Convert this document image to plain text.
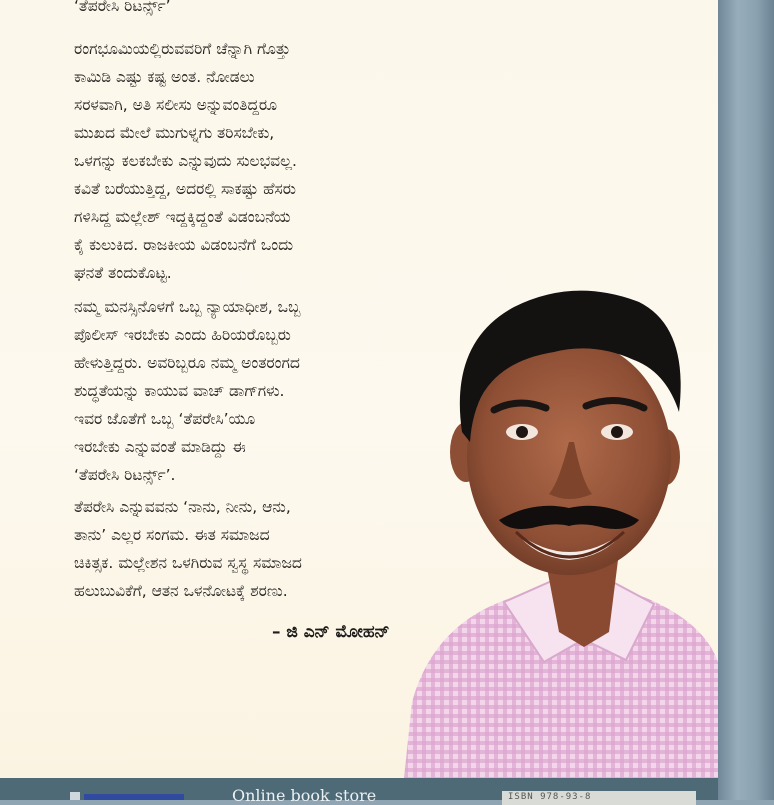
‘ತೆಪರೇಸಿ ರಿಟರ್ನ್ಸ್’
ರಂಗಭೂಮಿಯಲ್ಲಿರುವವರಿಗೆ ಚೆನ್ನಾಗಿ ಗೊತ್ತು
ಕಾಮಿಡಿ ಎಷ್ಟು ಕಷ್ಟ ಅಂತ. ನೋಡಲು
ಸರಳವಾಗಿ, ಅತಿ ಸಲೀಸು ಅನ್ನುವಂತಿದ್ದರೂ
ಮುಖದ ಮೇಲೆ ಮುಗುಳ್ನಗು ತರಿಸಬೇಕು,
ಒಳಗನ್ನು ಕಲಕಬೇಕು ಎನ್ನುವುದು ಸುಲಭವಲ್ಲ.
ಕವಿತೆ ಬರೆಯುತ್ತಿದ್ದ, ಅದರಲ್ಲಿ ಸಾಕಷ್ಟು ಹೆಸರು
ಗಳಿಸಿದ್ದ ಮಲ್ಲೇಶ್ ಇದ್ದಕ್ಕಿದ್ದಂತೆ ವಿಡಂಬನೆಯ
ಕೈ ಕುಲುಕಿದ. ರಾಜಕೀಯ ವಿಡಂಬನೆಗೆ ಒಂದು
ಘನತೆ ತಂದುಕೊಟ್ಟ.
ನಮ್ಮ ಮನಸ್ಸಿನೊಳಗೆ ಒಬ್ಬ ನ್ಯಾಯಾಧೀಶ, ಒಬ್ಬ
ಪೊಲೀಸ್ ಇರಬೇಕು ಎಂದು ಹಿರಿಯರೊಬ್ಬರು
ಹೇಳುತ್ತಿದ್ದರು. ಅವರಿಬ್ಬರೂ ನಮ್ಮ ಅಂತರಂಗದ
ಶುದ್ಧತೆಯನ್ನು ಕಾಯುವ ವಾಚ್ ಡಾಗ್‌ಗಳು.
ಇವರ ಜೊತೆಗೆ ಒಬ್ಬ ‘ತೆಪರೇಸಿ’ಯೂ
ಇರಬೇಕು ಎನ್ನುವಂತೆ ಮಾಡಿದ್ದು ಈ
‘ತೆಪರೇಸಿ ರಿಟರ್ನ್ಸ್’.
ತೆಪರೇಸಿ ಎನ್ನುವವನು ‘ನಾನು, ನೀನು, ಆನು,
ತಾನು’ ಎಲ್ಲರ ಸಂಗಮ. ಈತ ಸಮಾಜದ
ಚಿಕಿತ್ಸಕ. ಮಲ್ಲೇಶನ ಒಳಗಿರುವ ಸ್ವಸ್ಥ ಸಮಾಜದ
ಹಲುಬುವಿಕೆಗೆ, ಆತನ ಒಳನೋಟಕ್ಕೆ ಶರಣು.
– ಜಿ ಎನ್ ಮೋಹನ್
Online book store	ISBN 978-93-8
